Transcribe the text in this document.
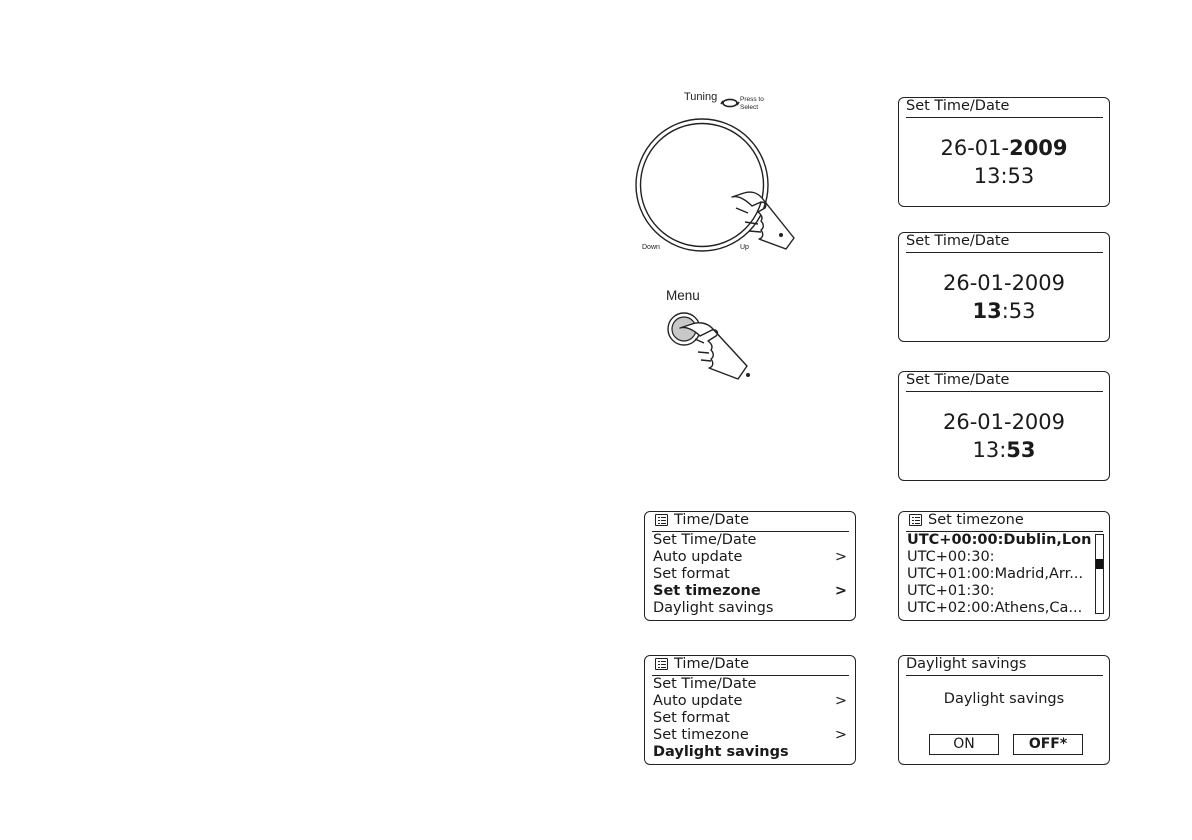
Tuning	Press to
Select
Down	Up
Menu
Set Time/Date
26-01-2009
13:53
Set Time/Date
26-01-2009
13:53
Set Time/Date
26-01-2009
13:53
Time/Date
Set Time/Date
Auto update	>
Set format
Set timezone	>
Daylight savings
Set timezone
UTC+00:00:Dublin,Lon
UTC+00:30:
UTC+01:00:Madrid,Arr...
UTC+01:30:
UTC+02:00:Athens,Ca...
Time/Date
Set Time/Date
Auto update	>
Set format
Set timezone	>
Daylight savings
Daylight savings
Daylight savings
ON	OFF*
